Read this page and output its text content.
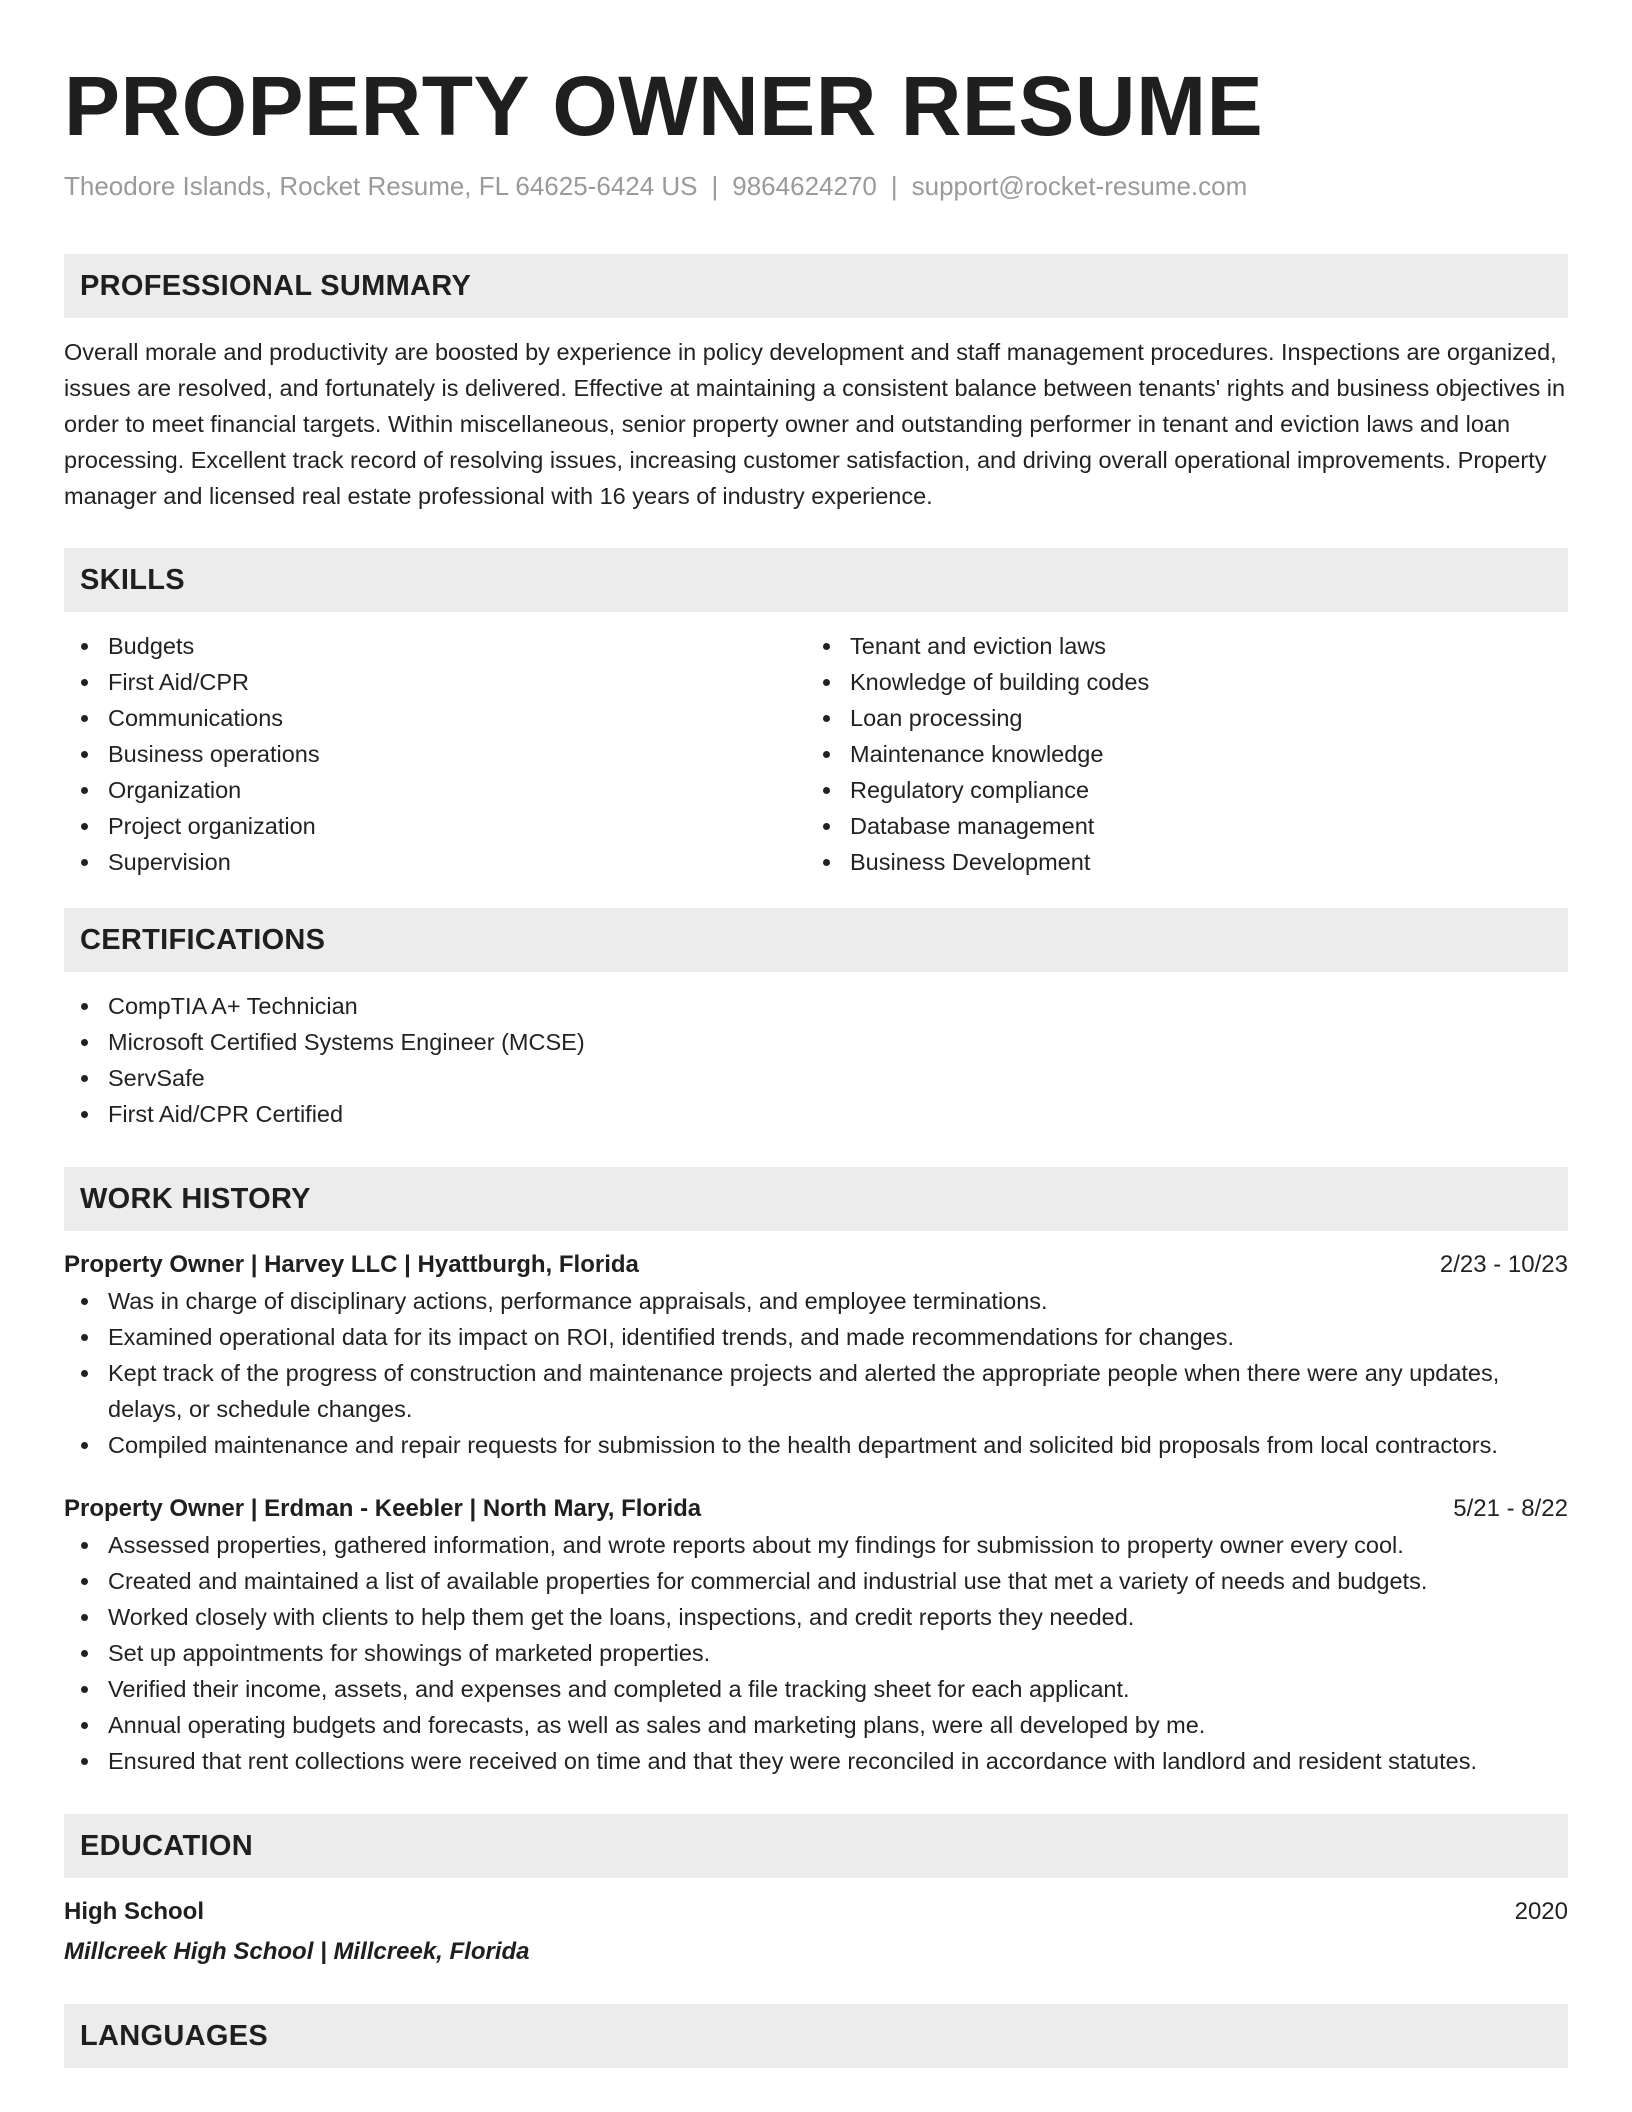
PROPERTY OWNER RESUME
Theodore Islands, Rocket Resume, FL 64625-6424 US | 9864624270 | support@rocket-resume.com
PROFESSIONAL SUMMARY

Overall morale and productivity are boosted by experience in policy development and staff management procedures. Inspections are organized, issues are resolved, and fortunately is delivered. Effective at maintaining a consistent balance between tenants' rights and business objectives in order to meet financial targets. Within miscellaneous, senior property owner and outstanding performer in tenant and eviction laws and loan processing. Excellent track record of resolving issues, increasing customer satisfaction, and driving overall operational improvements. Property manager and licensed real estate professional with 16 years of industry experience.

SKILLS
Budgets
First Aid/CPR
Communications
Business operations
Organization
Project organization
Supervision
Tenant and eviction laws
Knowledge of building codes
Loan processing
Maintenance knowledge
Regulatory compliance
Database management
Business Development
CERTIFICATIONS
CompTIA A+ Technician
Microsoft Certified Systems Engineer (MCSE)
ServSafe
First Aid/CPR Certified
WORK HISTORY
Property Owner | Harvey LLC | Hyattburgh, Florida	2/23 - 10/23
Was in charge of disciplinary actions, performance appraisals, and employee terminations.
Examined operational data for its impact on ROI, identified trends, and made recommendations for changes.
Kept track of the progress of construction and maintenance projects and alerted the appropriate people when there were any updates, delays, or schedule changes.
Compiled maintenance and repair requests for submission to the health department and solicited bid proposals from local contractors.
Property Owner | Erdman - Keebler | North Mary, Florida	5/21 - 8/22
Assessed properties, gathered information, and wrote reports about my findings for submission to property owner every cool.
Created and maintained a list of available properties for commercial and industrial use that met a variety of needs and budgets.
Worked closely with clients to help them get the loans, inspections, and credit reports they needed.
Set up appointments for showings of marketed properties.
Verified their income, assets, and expenses and completed a file tracking sheet for each applicant.
Annual operating budgets and forecasts, as well as sales and marketing plans, were all developed by me.
Ensured that rent collections were received on time and that they were reconciled in accordance with landlord and resident statutes.
EDUCATION
High School	2020
Millcreek High School | Millcreek, Florida
LANGUAGES
